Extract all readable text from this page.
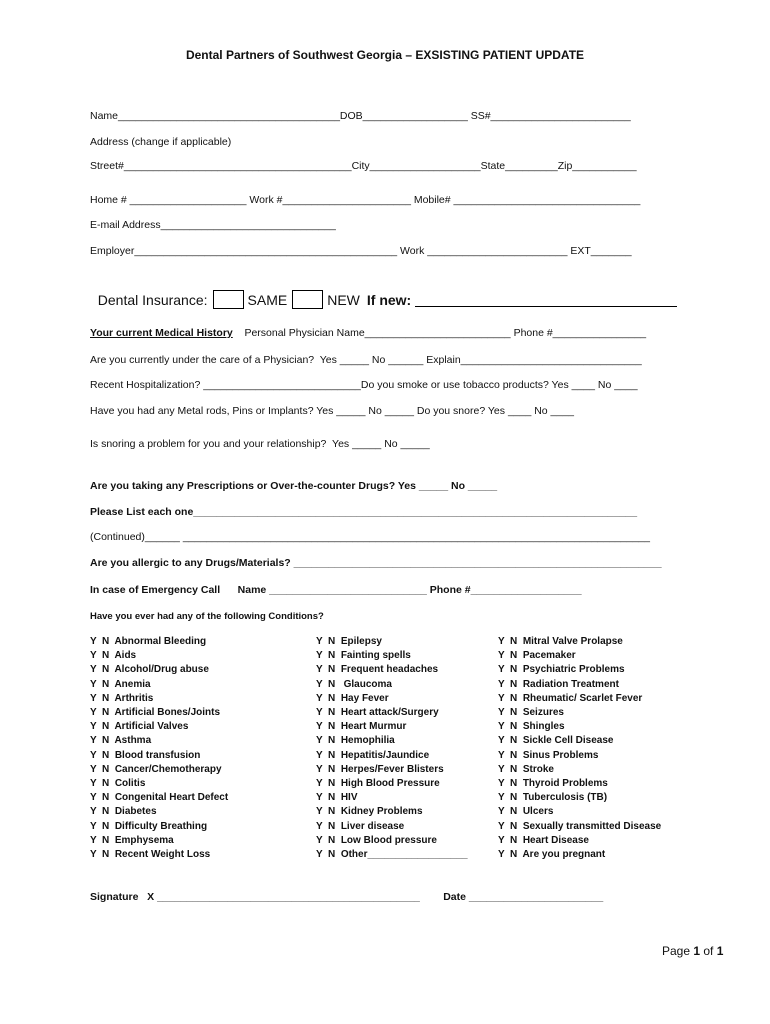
Dental Partners of Southwest Georgia – EXSISTING PATIENT UPDATE
Name______________________________________DOB__________________ SS#________________________
Address (change if applicable)
Street#_______________________________________City___________________State_________Zip___________
Home # ____________________ Work #______________________ Mobile# ________________________________
E-mail Address______________________________
Employer_____________________________________________ Work ________________________ EXT_______

Dental Insurance:	SAME	NEW If new:

Your current Medical History Personal Physician Name_________________________ Phone #________________
Are you currently under the care of a Physician?  Yes _____ No ______ Explain_______________________________
Recent Hospitalization? ___________________________Do you smoke or use tobacco products? Yes ____ No ____
Have you had any Metal rods, Pins or Implants? Yes _____ No _____ Do you snore? Yes ____ No ____
Is snoring a problem for you and your relationship?  Yes _____ No _____
Are you taking any Prescriptions or Over-the-counter Drugs? Yes _____ No _____
Please List each one____________________________________________________________________________
(Continued)______ ________________________________________________________________________________
Are you allergic to any Drugs/Materials? _______________________________________________________________
In case of Emergency Call      Name ___________________________ Phone #___________________
Have you ever had any of the following Conditions?
Y  N  Abnormal Bleeding
Y  N  Aids
Y  N  Alcohol/Drug abuse
Y  N  Anemia
Y  N  Arthritis
Y  N  Artificial Bones/Joints
Y  N  Artificial Valves
Y  N  Asthma
Y  N  Blood transfusion
Y  N  Cancer/Chemotherapy
Y  N  Colitis
Y  N  Congenital Heart Defect
Y  N  Diabetes
Y  N  Difficulty Breathing
Y  N  Emphysema
Y  N  Recent Weight Loss
Y  N  Epilepsy
Y  N  Fainting spells
Y  N  Frequent headaches
Y  N   Glaucoma
Y  N  Hay Fever
Y  N  Heart attack/Surgery
Y  N  Heart Murmur
Y  N  Hemophilia
Y  N  Hepatitis/Jaundice
Y  N  Herpes/Fever Blisters
Y  N  High Blood Pressure
Y  N  HIV
Y  N  Kidney Problems
Y  N  Liver disease
Y  N  Low Blood pressure
Y  N  Other__________________
Y  N  Mitral Valve Prolapse
Y  N  Pacemaker
Y  N  Psychiatric Problems
Y  N  Radiation Treatment
Y  N  Rheumatic/ Scarlet Fever
Y  N  Seizures
Y  N  Shingles
Y  N  Sickle Cell Disease
Y  N  Sinus Problems
Y  N  Stroke
Y  N  Thyroid Problems
Y  N  Tuberculosis (TB)
Y  N  Ulcers
Y  N  Sexually transmitted Disease
Y  N  Heart Disease
Y  N  Are you pregnant
Signature   X _____________________________________________        Date _______________________
Page 1 of 1
